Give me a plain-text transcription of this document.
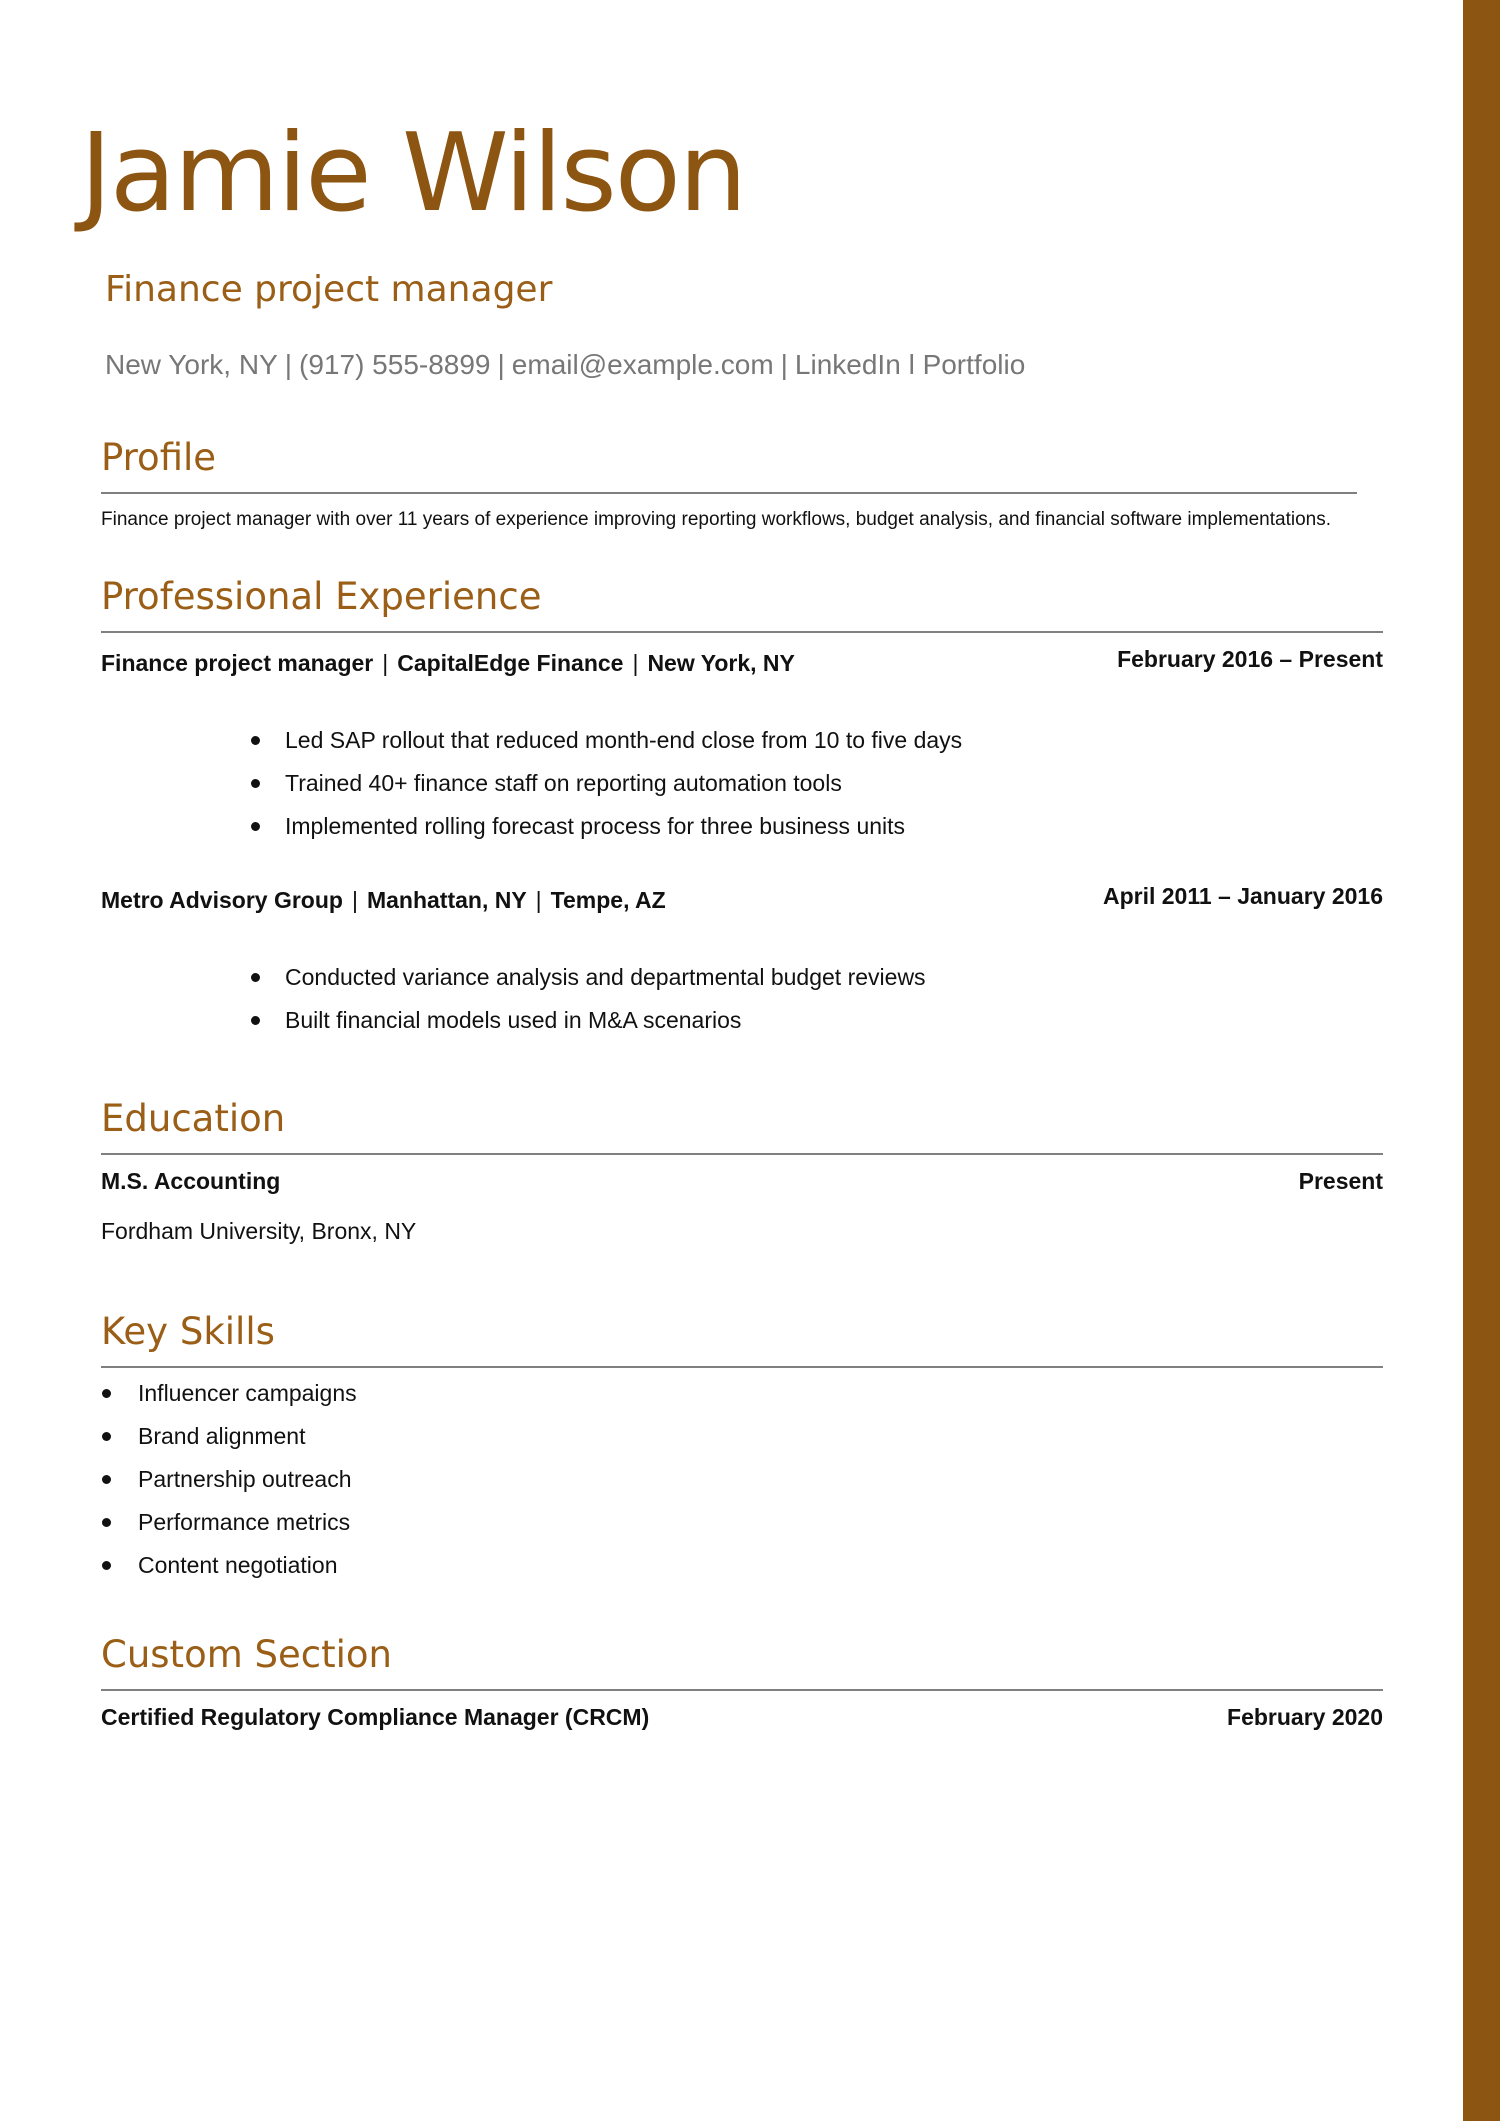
Jamie Wilson
Finance project manager
New York, NY | (917) 555-8899 | email@example.com | LinkedIn l Portfolio
Profile
Finance project manager with over 11 years of experience improving reporting workflows, budget analysis, and financial software implementations.
Professional Experience
Finance project manager | CapitalEdge Finance | New York, NY	February 2016 – Present
Led SAP rollout that reduced month-end close from 10 to five days
Trained 40+ finance staff on reporting automation tools
Implemented rolling forecast process for three business units
Metro Advisory Group | Manhattan, NY | Tempe, AZ	April 2011 – January 2016
Conducted variance analysis and departmental budget reviews
Built financial models used in M&A scenarios
Education
M.S. Accounting	Present
Fordham University, Bronx, NY
Key Skills
Influencer campaigns
Brand alignment
Partnership outreach
Performance metrics
Content negotiation
Custom Section
Certified Regulatory Compliance Manager (CRCM)	February 2020
